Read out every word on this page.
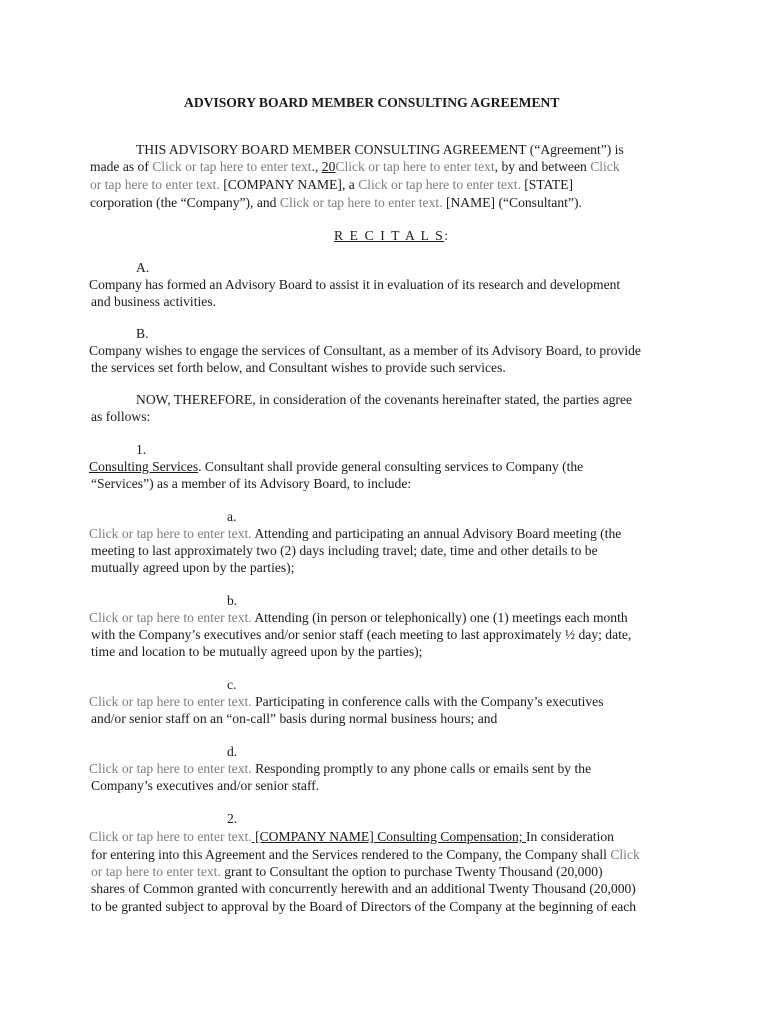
ADVISORY BOARD MEMBER CONSULTING AGREEMENT
THIS ADVISORY BOARD MEMBER CONSULTING AGREEMENT (“Agreement”) is
made as of Click or tap here to enter text., 20Click or tap here to enter text, by and between Click
or tap here to enter text. [COMPANY NAME], a Click or tap here to enter text. [STATE]
corporation (the “Company”), and Click or tap here to enter text. [NAME] (“Consultant”).
R E C I T A L S:
A.
Company has formed an Advisory Board to assist it in evaluation of its research and development
and business activities.
B.
Company wishes to engage the services of Consultant, as a member of its Advisory Board, to provide
the services set forth below, and Consultant wishes to provide such services.
NOW, THEREFORE, in consideration of the covenants hereinafter stated, the parties agree
as follows:
1.
Consulting Services. Consultant shall provide general consulting services to Company (the
“Services”) as a member of its Advisory Board, to include:
a.
Click or tap here to enter text. Attending and participating an annual Advisory Board meeting (the
meeting to last approximately two (2) days including travel; date, time and other details to be
mutually agreed upon by the parties);
b.
Click or tap here to enter text. Attending (in person or telephonically) one (1) meetings each month
with the Company’s executives and/or senior staff (each meeting to last approximately ½ day; date,
time and location to be mutually agreed upon by the parties);
c.
Click or tap here to enter text. Participating in conference calls with the Company’s executives
and/or senior staff on an “on-call” basis during normal business hours; and
d.
Click or tap here to enter text. Responding promptly to any phone calls or emails sent by the
Company’s executives and/or senior staff.
2.
Click or tap here to enter text. [COMPANY NAME] Consulting Compensation; In consideration
for entering into this Agreement and the Services rendered to the Company, the Company shall Click
or tap here to enter text. grant to Consultant the option to purchase Twenty Thousand (20,000)
shares of Common granted with concurrently herewith and an additional Twenty Thousand (20,000)
to be granted subject to approval by the Board of Directors of the Company at the beginning of each
